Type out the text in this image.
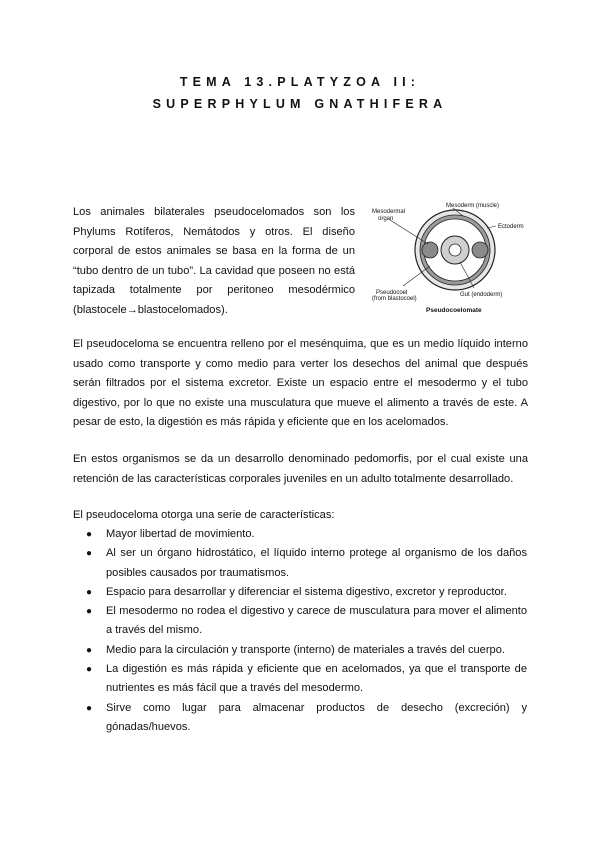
TEMA 13.PLATYZOA II:
SUPERPHYLUM GNATHIFERA

Los animales bilaterales pseudocelomados son los Phylums Rotíferos, Nemátodos y otros. El diseño corporal de estos animales se basa en la forma de un “tubo dentro de un tubo”. La cavidad que poseen no está tapizada totalmente por peritoneo mesodérmico (blastocele→blastocelomados).

Mesodermal
organ
Mesoderm (muscle)
Ectoderm
Pseudocoel
(from blastocoel)
Gut (endoderm)
Pseudocoelomate

El pseudoceloma se encuentra relleno por el mesénquima, que es un medio líquido interno usado como transporte y como medio para verter los desechos del animal que después serán filtrados por el sistema excretor. Existe un espacio entre el mesodermo y el tubo digestivo, por lo que no existe una musculatura que mueve el alimento a través de este. A pesar de esto, la digestión es más rápida y eficiente que en los acelomados.

En estos organismos se da un desarrollo denominado pedomorfis, por el cual existe una retención de las características corporales juveniles en un adulto totalmente desarrollado.

El pseudoceloma otorga una serie de características:

● Mayor libertad de movimiento.
● Al ser un órgano hidrostático, el líquido interno protege al organismo de los daños posibles causados por traumatismos.
● Espacio para desarrollar y diferenciar el sistema digestivo, excretor y reproductor.
● El mesodermo no rodea el digestivo y carece de musculatura para mover el alimento a través del mismo.
● Medio para la circulación y transporte (interno) de materiales a través del cuerpo.
● La digestión es más rápida y eficiente que en acelomados, ya que el transporte de nutrientes es más fácil que a través del mesodermo.
● Sirve como lugar para almacenar productos de desecho (excreción) y gónadas/huevos.
